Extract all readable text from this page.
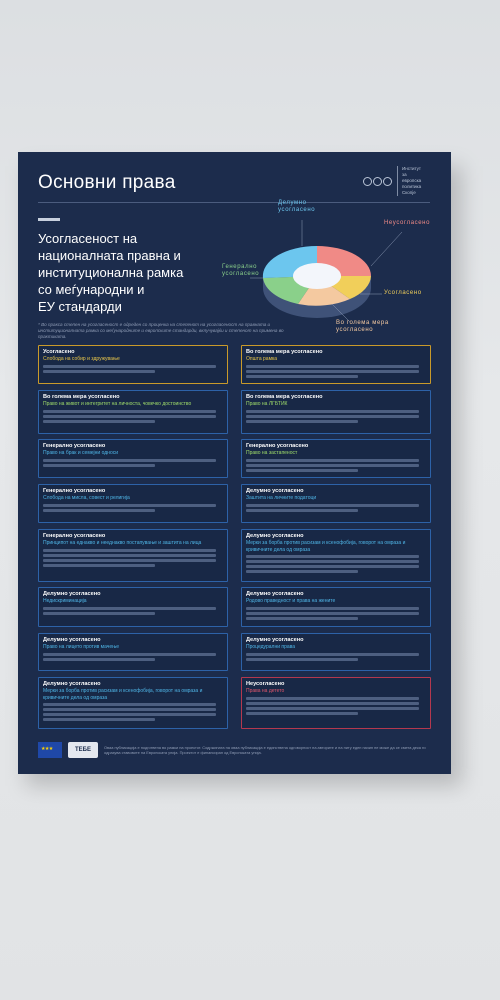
Основни права
Институт
за
европска
политика
Скопје
Усогласеност на
националната правна и
институционална рамка
со меѓународни и
ЕУ стандарди
* Во пракса степен на усогласеност е одреден со проценка на степенот на усогласеност на правната и институционалната рамка со меѓународните и европските стандарди, вклучувајќи и степенот на примена во практиката.
Делумно усогласено
Неусогласено
Генерално усогласено
Усогласено
Во голема мера усогласено
Усогласено
Слобода на собир и здружување
Во голема мера усогласено
Право на живот и интегритет на личноста, човечко достоинство
Генерално усогласено
Право на брак и семејни односи
Генерално усогласено
Слобода на мисла, совест и религија
Генерално усогласено
Принципот на еднакво и нееднакво постапување и заштита на лица
Делумно усогласено
Недискриминација
Делумно усогласено
Право на лицето против мачење
Делумно усогласено
Мерки за борба против расизам и ксенофобија, говорот на омраза и кривичните дела од омраза
Во голема мера усогласено
Општа рамка
Во голема мера усогласено
Право на ЛГБТИК
Генерално усогласено
Право на застапеност
Делумно усогласено
Заштита на личните податоци
Делумно усогласено
Мерки за борба против расизам и ксенофобија, говорот на омраза и кривичните дела од омраза
Делумно усогласено
Родово праведност и права на жените
Делумно усогласено
Процедурални права
Неусогласено
Права на детето
★ ★ ★
ТЕБЕ	Оваа публикација е подготвена во рамки на проектот. Содржината на оваа публикација е единствена одговорност на авторите и на ниту еден начин не може да се смета дека ги одразува ставовите на Европската унија. Проектот е финансиран од Европската унија.
